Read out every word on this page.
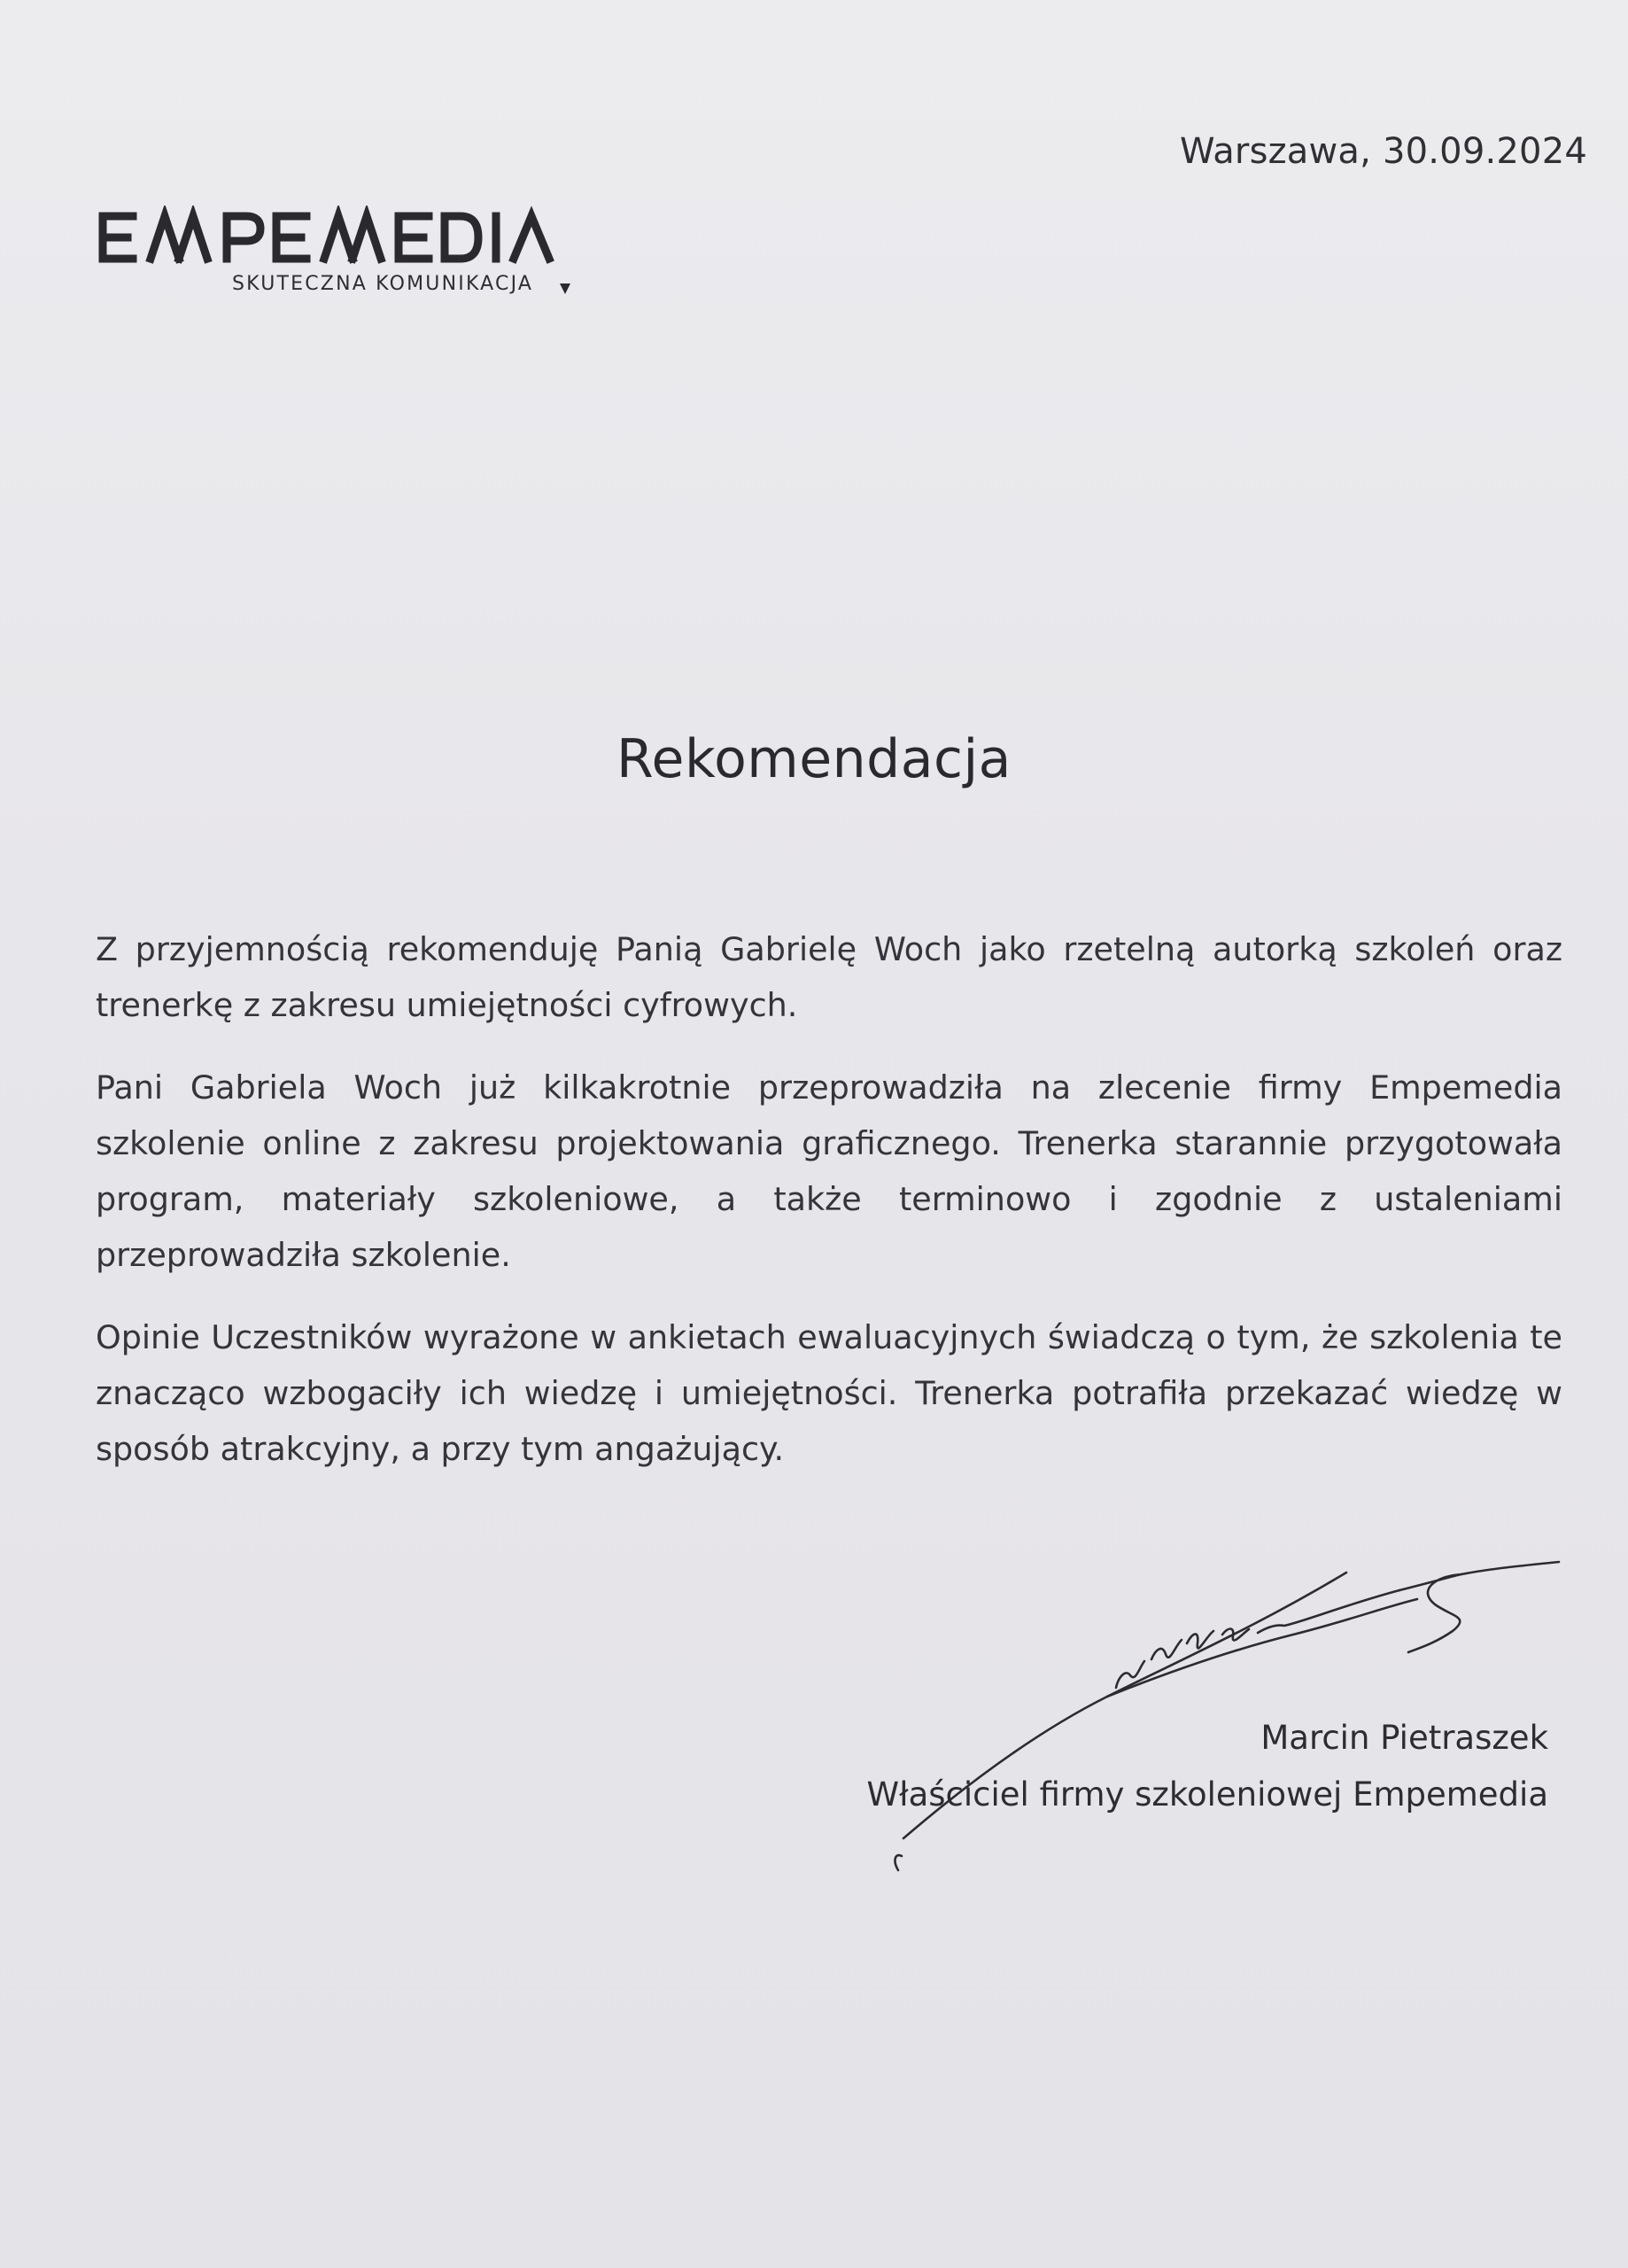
Warszawa, 30.09.2024
SKUTECZNA KOMUNIKACJA
Rekomendacja

Z przyjemnością rekomenduję Panią Gabrielę Woch jako rzetelną autorką szkoleń oraz trenerkę z zakresu umiejętności cyfrowych.

Pani Gabriela Woch już kilkakrotnie przeprowadziła na zlecenie firmy Empemedia szkolenie online z zakresu projektowania graficznego. Trenerka starannie przygotowała program, materiały szkoleniowe, a także terminowo i zgodnie z ustaleniami przeprowadziła szkolenie.

Opinie Uczestników wyrażone w ankietach ewaluacyjnych świadczą o tym, że szkolenia te znacząco wzbogaciły ich wiedzę i umiejętności. Trenerka potrafiła przekazać wiedzę w sposób atrakcyjny, a przy tym angażujący.

Marcin Pietraszek
Właściciel firmy szkoleniowej Empemedia
